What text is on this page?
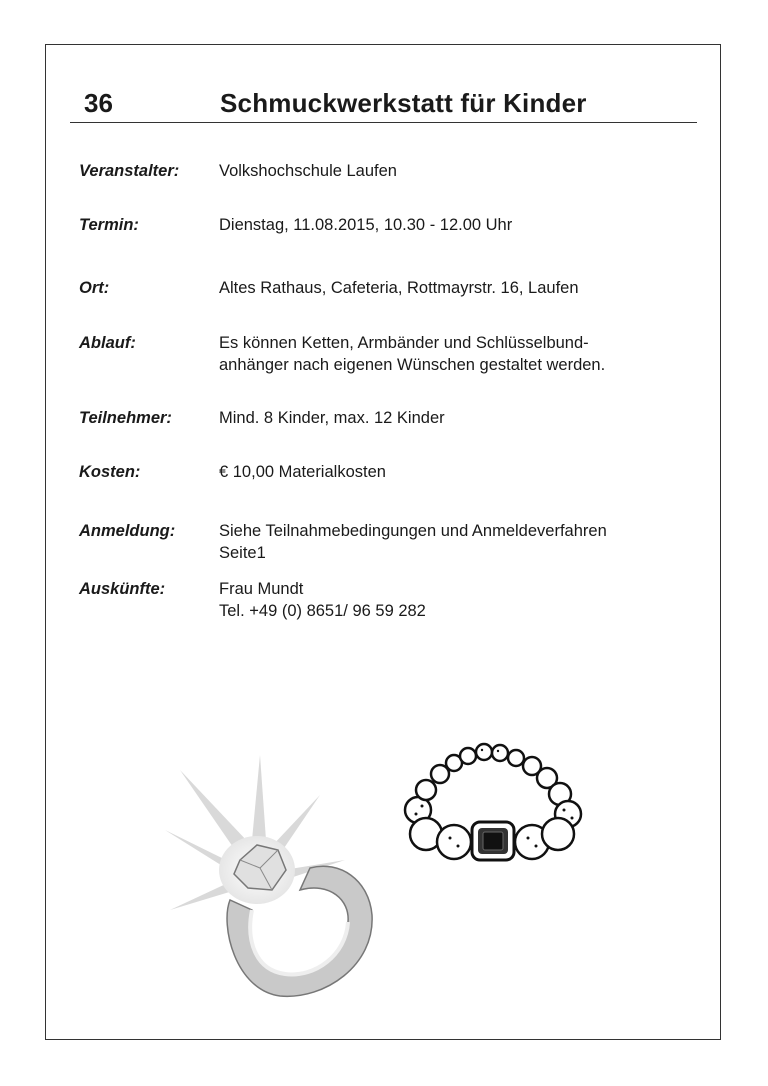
36	Schmuckwerkstatt für Kinder
Veranstalter: Volkshochschule Laufen
Termin:	Dienstag, 11.08.2015, 10.30 - 12.00 Uhr
Ort:	Altes Rathaus, Cafeteria, Rottmayrstr. 16, Laufen
Ablauf:	Es können Ketten, Armbänder und Schlüsselbund-
anhänger nach eigenen Wünschen gestaltet werden.
Teilnehmer:	Mind. 8 Kinder, max. 12 Kinder
Kosten:	€ 10,00 Materialkosten
Anmeldung:	Siehe Teilnahmebedingungen und Anmeldeverfahren
Seite1
Auskünfte:	Frau Mundt
Tel. +49 (0) 8651/ 96 59 282
